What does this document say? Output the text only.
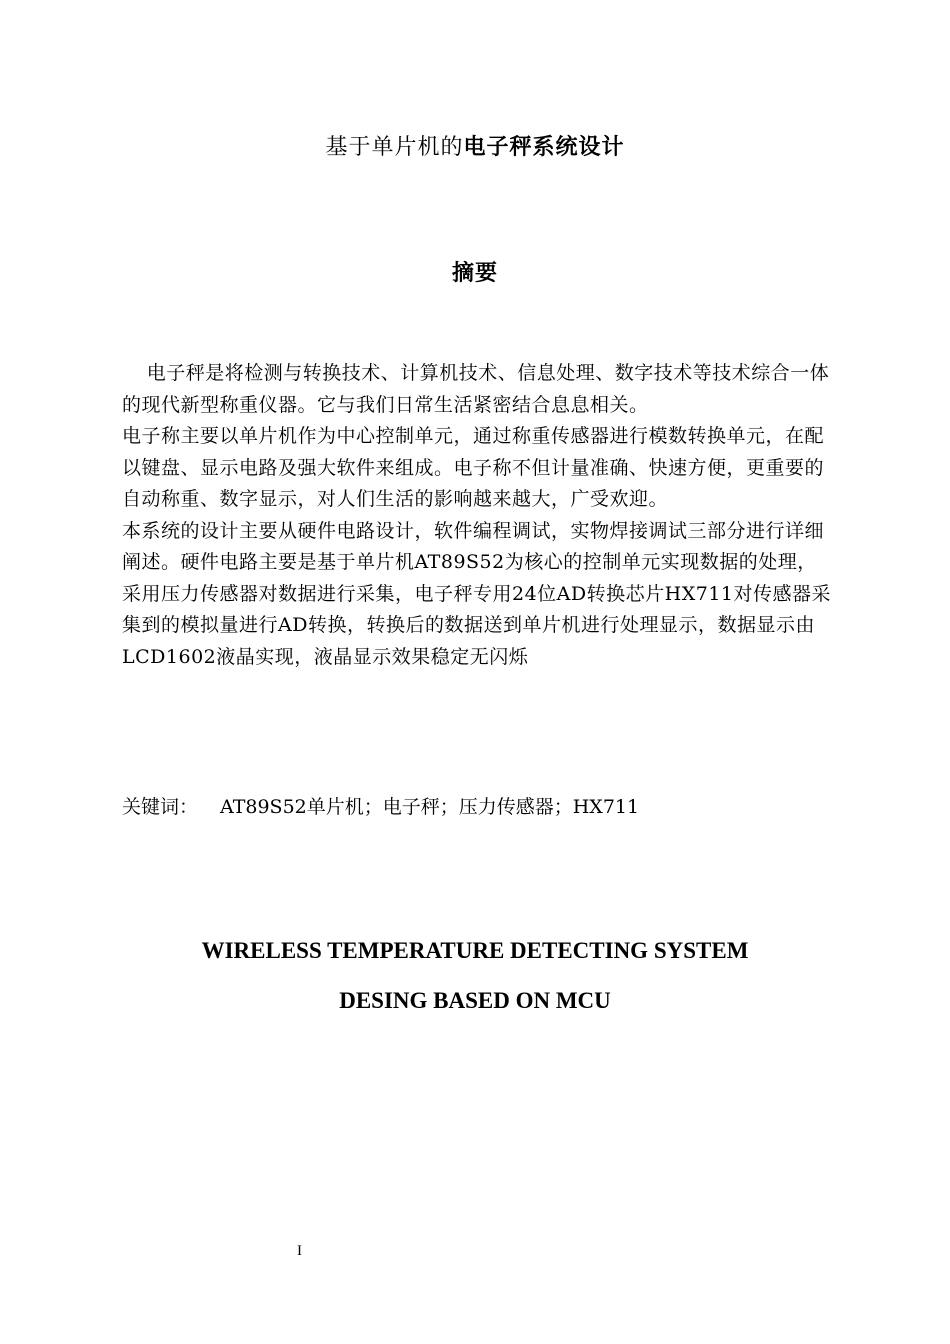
基于单片机的电子秤系统设计
摘要

电子秤是将检测与转换技术、计算机技术、信息处理、数字技术等技术综合一体的现代新型称重仪器。它与我们日常生活紧密结合息息相关。

电子称主要以单片机作为中心控制单元，通过称重传感器进行模数转换单元，在配以键盘、显示电路及强大软件来组成。电子称不但计量准确、快速方便，更重要的自动称重、数字显示，对人们生活的影响越来越大，广受欢迎。

本系统的设计主要从硬件电路设计，软件编程调试，实物焊接调试三部分进行详细阐述。硬件电路主要是基于单片机AT89S52为核心的控制单元实现数据的处理，采用压力传感器对数据进行采集，电子秤专用24位AD转换芯片HX711对传感器采集到的模拟量进行AD转换，转换后的数据送到单片机进行处理显示，数据显示由LCD1602液晶实现，液晶显示效果稳定无闪烁

关键词： AT89S52单片机；电子秤；压力传感器；HX711
WIRELESS TEMPERATURE DETECTING SYSTEM
DESING BASED ON MCU
I
